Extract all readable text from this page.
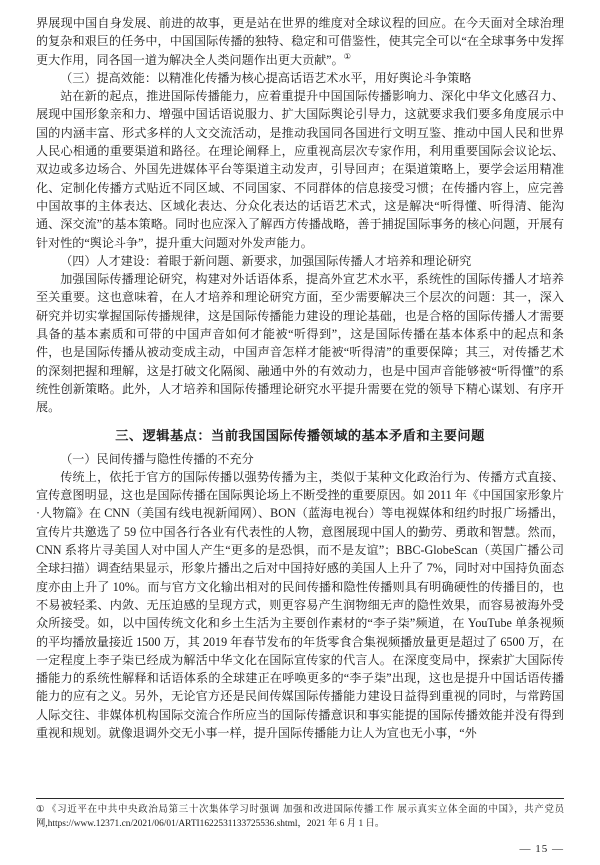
界展现中国自身发展、前进的故事，更是站在世界的维度对全球议程的回应。在今天面对全球治理的复杂和艰巨的任务中，中国国际传播的独特、稳定和可借鉴性，使其完全可以“在全球事务中发挥更大作用，同各国一道为解决全人类问题作出更大贡献”。①

（三）提高效能：以精准化传播为核心提高话语艺术水平，用好舆论斗争策略

站在新的起点，推进国际传播能力，应着重提升中国国际传播影响力、深化中华文化感召力、展现中国形象亲和力、增强中国话语说服力、扩大国际舆论引导力，这就要求我们要多角度展示中国的内涵丰富、形式多样的人文交流活动，是推动我国同各国进行文明互鉴、推动中国人民和世界人民心相通的重要渠道和路径。在理论阐释上，应重视高层次专家作用，利用重要国际会议论坛、双边或多边场合、外国先进媒体平台等渠道主动发声，引导回声；在渠道策略上，要学会运用精准化、定制化传播方式贴近不同区域、不同国家、不同群体的信息接受习惯；在传播内容上，应完善中国故事的主体表达、区域化表达、分众化表达的话语艺术式，这是解决“听得懂、听得清、能沟通、深交流”的基本策略。同时也应深入了解西方传播战略，善于捕捉国际事务的核心问题，开展有针对性的“舆论斗争”，提升重大问题对外发声能力。

（四）人才建设：着眼于新问题、新要求，加强国际传播人才培养和理论研究

加强国际传播理论研究，构建对外话语体系，提高外宣艺术水平，系统性的国际传播人才培养至关重要。这也意味着，在人才培养和理论研究方面，至少需要解决三个层次的问题：其一，深入研究并切实掌握国际传播规律，这是国际传播能力建设的理论基础，也是合格的国际传播人才需要具备的基本素质和可带的中国声音如何才能被“听得到”，这是国际传播在基本体系中的起点和条件，也是国际传播从被动变成主动，中国声音怎样才能被“听得清”的重要保障；其三，对传播艺术的深刻把握和理解，这是打破文化隔阂、融通中外的有效动力，也是中国声音能够被“听得懂”的系统性创新策略。此外，人才培养和国际传播理论研究水平提升需要在党的领导下精心谋划、有序开展。

三、逻辑基点：当前我国国际传播领域的基本矛盾和主要问题
（一）民间传播与隐性传播的不充分

传统上，依托于官方的国际传播以强势传播为主，类似于某种文化政治行为、传播方式直接、宣传意图明显，这也是国际传播在国际舆论场上不断受挫的重要原因。如 2011 年《中国国家形象片·人物篇》在 CNN（美国有线电视新闻网）、BON（蓝海电视台）等电视媒体和纽约时报广场播出，宣传片共邀选了 59 位中国各行各业有代表性的人物，意图展现中国人的勤劳、勇敢和智慧。然而，CNN 系将片寻美国人对中国人产生“更多的是恐惧，而不是友谊”；BBC-GlobeScan（英国广播公司全球扫描）调查结果显示，形象片播出之后对中国持好感的美国人上升了 7%，同时对中国持负面态度亦由上升了 10%。而与官方文化输出相对的民间传播和隐性传播则具有明确硬性的传播目的，也不易被轻柔、内敛、无压迫感的呈现方式，则更容易产生润物细无声的隐性效果，而容易被海外受众所接受。如，以中国传统文化和乡土生活为主要创作素材的“李子柒”频道，在 YouTube 单条视频的平均播放量接近 1500 万，其 2019 年春节发布的年货零食合集视频播放量更是超过了 6500 万，在一定程度上李子柒已经成为解活中华文化在国际宣传家的代言人。在深度变局中，探索扩大国际传播能力的系统性解释和话语体系的全球建正在呼唤更多的“李子柒”出现，这也是提升中国话语传播能力的应有之义。另外，无论官方还是民间传媒国际传播能力建设日益得到重视的同时，与常跨国人际交往、非媒体机构国际交流合作所应当的国际传播意识和事实能提的国际传播效能并没有得到重视和规划。就像退调外交无小事一样，提升国际传播能力让人为宣也无小事，“外

① 《习近平在中共中央政治局第三十次集体学习时强调 加强和改进国际传播工作 展示真实立体全面的中国》，共产党员网,https://www.12371.cn/2021/06/01/ARTI1622531133725536.shtml，2021 年 6 月 1 日。

— 15 —
